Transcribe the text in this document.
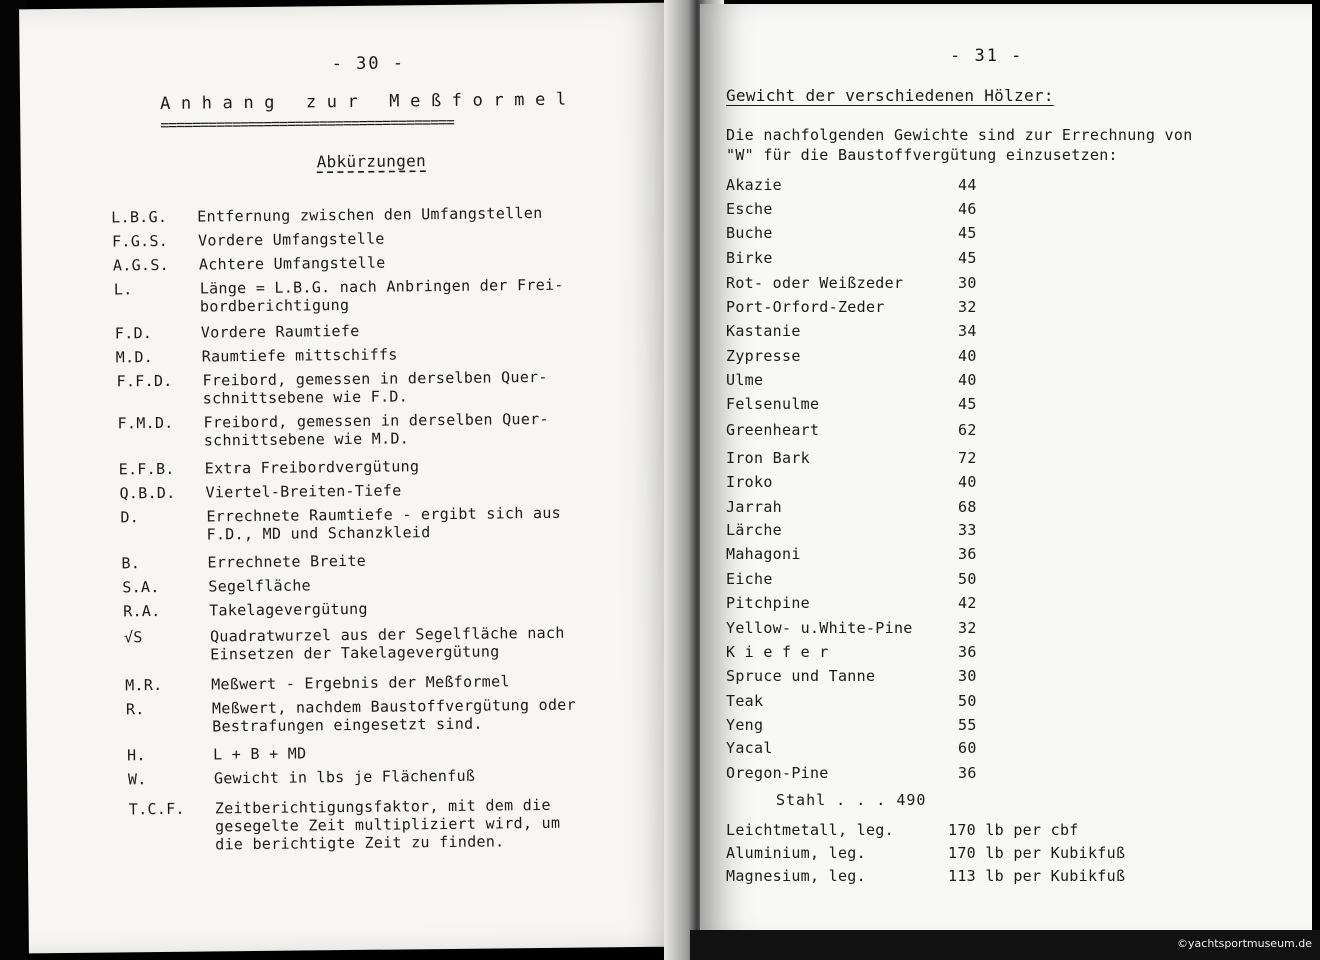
- 30 -
Anhang zur Meßformel
=====================================
Abkürzungen
L.B.G.	Entfernung zwischen den Umfangstellen
F.G.S.	Vordere Umfangstelle
A.G.S.	Achtere Umfangstelle
L.	Länge = L.B.G. nach Anbringen der Frei-
bordberichtigung
F.D.	Vordere Raumtiefe
M.D.	Raumtiefe mittschiffs
F.F.D.	Freibord, gemessen in derselben Quer-
schnittsebene wie F.D.
F.M.D.	Freibord, gemessen in derselben Quer-
schnittsebene wie M.D.
E.F.B.	Extra Freibordvergütung
Q.B.D.	Viertel-Breiten-Tiefe
D.	Errechnete Raumtiefe - ergibt sich aus
F.D., MD und Schanzkleid
B.	Errechnete Breite
S.A.	Segelfläche
R.A.	Takelagevergütung
√S	Quadratwurzel aus der Segelfläche nach
Einsetzen der Takelagevergütung
M.R.	Meßwert - Ergebnis der Meßformel
R.	Meßwert, nachdem Baustoffvergütung oder
Bestrafungen eingesetzt sind.
H.	L + B + MD
W.	Gewicht in lbs je Flächenfuß
T.C.F.	Zeitberichtigungsfaktor, mit dem die
gesegelte Zeit multipliziert wird, um
die berichtigte Zeit zu finden.
- 31 -
Gewicht der verschiedenen Hölzer:
Die nachfolgenden Gewichte sind zur Errechnung von
"W" für die Baustoffvergütung einzusetzen:
Akazie	44
Esche	46
Buche	45
Birke	45
Rot- oder Weißzeder	30
Port-Orford-Zeder	32
Kastanie	34
Zypresse	40
Ulme	40
Felsenulme	45
Greenheart	62
Iron Bark	72
Iroko	40
Jarrah	68
Lärche	33
Mahagoni	36
Eiche	50
Pitchpine	42
Yellow- u.White-Pine	32
K i e f e r	36
Spruce und Tanne	30
Teak	50
Yeng	55
Yacal	60
Oregon-Pine	36
Stahl . . . 490
Leichtmetall, leg.	170 lb per cbf
Aluminium, leg.	170 lb per Kubikfuß
Magnesium, leg.	113 lb per Kubikfuß
©yachtsportmuseum.de
